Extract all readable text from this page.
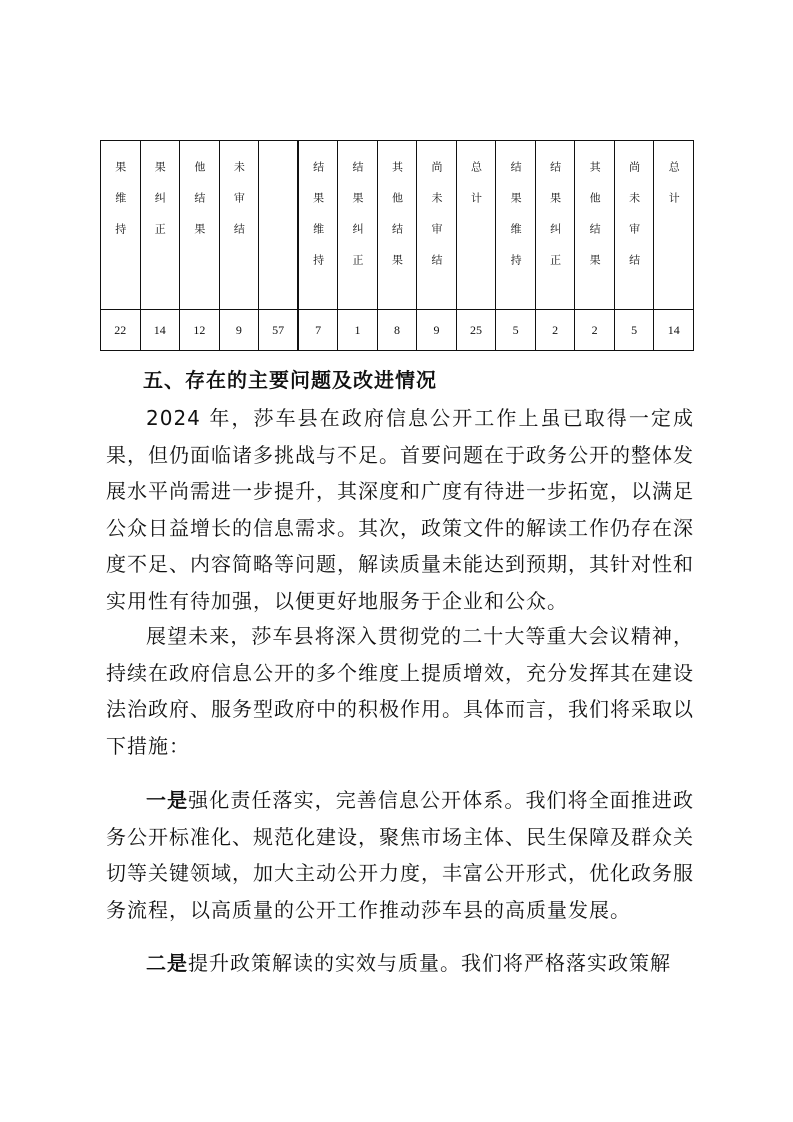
果维持	果纠正	他结果	未审结		结果维持	结果纠正	其他结果	尚未审结	总计	结果维持	结果纠正	其他结果	尚未审结	总计

22	14	12	9	57	7	1	8	9	25	5	2	2	5	14
五、存在的主要问题及改进情况

2024 年，莎车县在政府信息公开工作上虽已取得一定成果，但仍面临诸多挑战与不足。首要问题在于政务公开的整体发展水平尚需进一步提升，其深度和广度有待进一步拓宽，以满足公众日益增长的信息需求。其次，政策文件的解读工作仍存在深度不足、内容简略等问题，解读质量未能达到预期，其针对性和实用性有待加强，以便更好地服务于企业和公众。

展望未来，莎车县将深入贯彻党的二十大等重大会议精神，持续在政府信息公开的多个维度上提质增效，充分发挥其在建设法治政府、服务型政府中的积极作用。具体而言，我们将采取以下措施：

一是强化责任落实，完善信息公开体系。我们将全面推进政务公开标准化、规范化建设，聚焦市场主体、民生保障及群众关切等关键领域，加大主动公开力度，丰富公开形式，优化政务服务流程，以高质量的公开工作推动莎车县的高质量发展。

二是提升政策解读的实效与质量。我们将严格落实政策解
